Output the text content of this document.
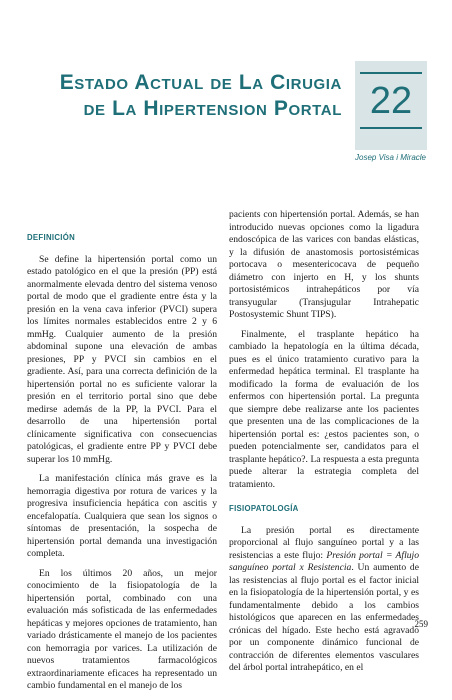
Estado Actual de La Cirugia
de La Hipertension Portal 22
Josep Visa i Miracle
DEFINICIÓN

Se define la hipertensión portal como un estado patológico en el que la presión (PP) está anormalmente elevada dentro del sistema venoso portal de modo que el gradiente entre ésta y la presión en la vena cava inferior (PVCI) supera los límites normales establecidos entre 2 y 6 mmHg. Cualquier aumento de la presión abdominal supone una elevación de ambas presiones, PP y PVCI sin cambios en el gradiente. Así, para una correcta definición de la hipertensión portal no es suficiente valorar la presión en el territorio portal sino que debe medirse además de la PP, la PVCI. Para el desarrollo de una hipertensión portal clínicamente significativa con consecuencias patológicas, el gradiente entre PP y PVCI debe superar los 10 mmHg.

La manifestación clínica más grave es la hemorragia digestiva por rotura de varices y la progresiva insuficiencia hepática con ascitis y encefalopatía. Cualquiera que sean los signos o síntomas de presentación, la sospecha de hipertensión portal demanda una investigación completa.

En los últimos 20 años, un mejor conocimiento de la fisiopatología de la hipertensión portal, combinado con una evaluación más sofisticada de las enfermedades hepáticas y mejores opciones de tratamiento, han variado drásticamente el manejo de los pacientes con hemorragia por varices. La utilización de nuevos tratamientos farmacológicos extraordinariamente eficaces ha representado un cambio fundamental en el manejo de los

pacients con hipertensión portal. Además, se han introducido nuevas opciones como la ligadura endoscópica de las varices con bandas elásticas, y la difusión de anastomosis portosistémicas portocava o mesentericocava de pequeño diámetro con injerto en H, y los shunts portosistémicos intrahepáticos por vía transyugular (Transjugular Intrahepatic Postosystemic Shunt TIPS).

Finalmente, el trasplante hepático ha cambiado la hepatología en la última década, pues es el único tratamiento curativo para la enfermedad hepática terminal. El trasplante ha modificado la forma de evaluación de los enfermos con hipertensión portal. La pregunta que siempre debe realizarse ante los pacientes que presenten una de las complicaciones de la hipertensión portal es: ¿estos pacientes son, o pueden potencialmente ser, candidatos para el trasplante hepático?. La respuesta a esta pregunta puede alterar la estrategia completa del tratamiento.

FISIOPATOLOGÍA

La presión portal es directamente proporcional al flujo sanguíneo portal y a las resistencias a este flujo: Presión portal = Aflujo sanguíneo portal x Resistencia. Un aumento de las resistencias al flujo portal es el factor inicial en la fisiopatología de la hipertensión portal, y es fundamentalmente debido a los cambios histológicos que aparecen en las enfermedades crónicas del hígado. Este hecho está agravado por un componente dinámico funcional de contracción de diferentes elementos vasculares del árbol portal intrahepático, en el

259
